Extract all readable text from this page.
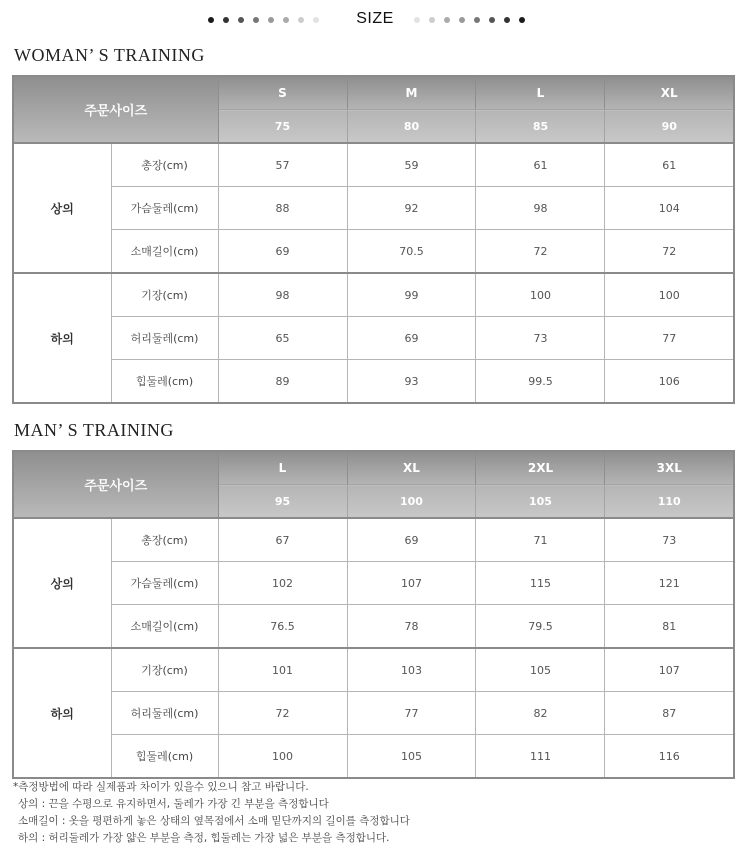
SIZE
WOMAN’ S TRAINING
주문사이즈		S	M	L	XL
		75	80	85	90
상의	총장(cm)	57	59	61	61
	가슴둘레(cm)	88	92	98	104
	소매길이(cm)	69	70.5	72	72
하의	기장(cm)	98	99	100	100
	허리둘레(cm)	65	69	73	77
	힙둘레(cm)	89	93	99.5	106
MAN’ S TRAINING
주문사이즈		L	XL	2XL	3XL
		95	100	105	110
상의	총장(cm)	67	69	71	73
	가슴둘레(cm)	102	107	115	121
	소매길이(cm)	76.5	78	79.5	81
하의	기장(cm)	101	103	105	107
	허리둘레(cm)	72	77	82	87
	힙둘레(cm)	100	105	111	116
*측정방법에 따라 실제품과 차이가 있을수 있으니 참고 바랍니다.
상의 : 끈을 수평으로 유지하면서, 둘레가 가장 긴 부분을 측정합니다
소매길이 : 옷을 평편하게 놓은 상태의 옆목점에서 소매 밑단까지의 길이를 측정합니다
하의 : 허리둘레가 가장 얇은 부분을 측정, 힙둘레는 가장 넓은 부분을 측정합니다.
